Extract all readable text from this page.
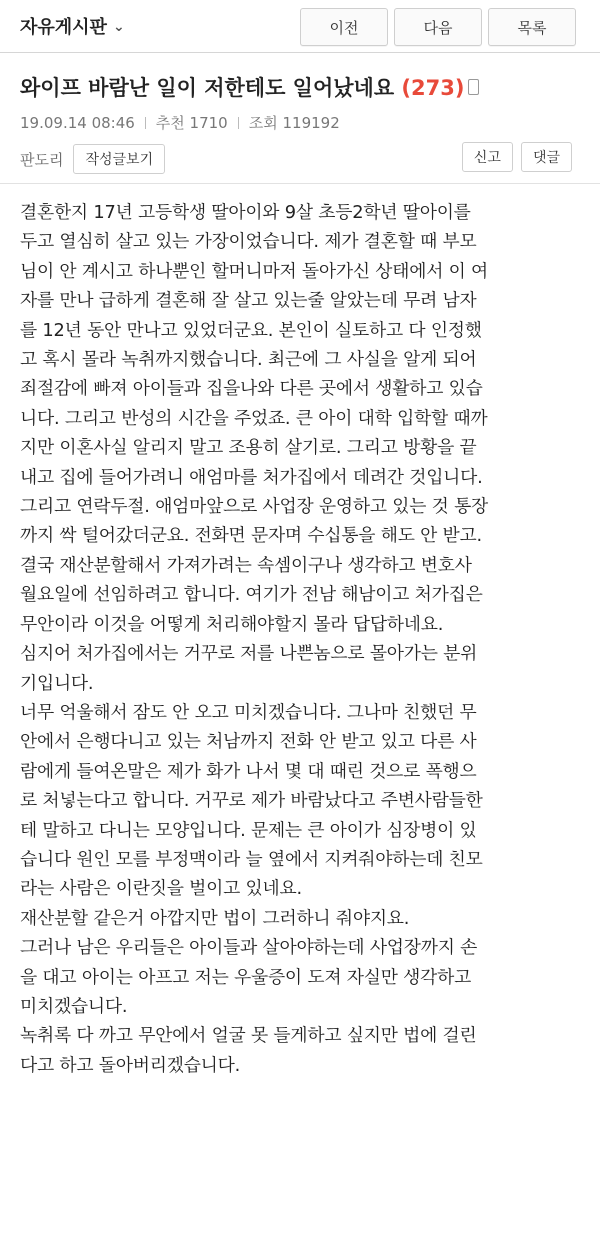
자유게시판 ⌄	이전	다음	목록
와이프 바람난 일이 저한테도 일어났네요 (273)
19.09.14 08:46 추천 1710 조회 119192
판도리	작성글보기	신고	댓글

결혼한지 17년 고등학생 딸아이와 9살 초등2학년 딸아이를

두고 열심히 살고 있는 가장이었습니다. 제가 결혼할 때 부모

님이 안 계시고 하나뿐인 할머니마저 돌아가신 상태에서 이 여

자를 만나 급하게 결혼해 잘 살고 있는줄 알았는데 무려 남자

를 12년 동안 만나고 있었더군요. 본인이 실토하고 다 인정했

고 혹시 몰라 녹취까지했습니다. 최근에 그 사실을 알게 되어

죄절감에 빠져 아이들과 집을나와 다른 곳에서 생활하고 있습

니다. 그리고 반성의 시간을 주었죠. 큰 아이 대학 입학할 때까

지만 이혼사실 알리지 말고 조용히 살기로. 그리고 방황을 끝

내고 집에 들어가려니 애엄마를 처가집에서 데려간 것입니다.

그리고 연락두절. 애엄마앞으로 사업장 운영하고 있는 것 통장

까지 싹 털어갔더군요. 전화면 문자며 수십통을 해도 안 받고.

결국 재산분할해서 가져가려는 속셈이구나 생각하고 변호사

월요일에 선임하려고 합니다. 여기가 전남 해남이고 처가집은

무안이라 이것을 어떻게 처리해야할지 몰라 답답하네요.

심지어 처가집에서는 거꾸로 저를 나쁜놈으로 몰아가는 분위

기입니다.

너무 억울해서 잠도 안 오고 미치겠습니다. 그나마 친했던 무

안에서 은행다니고 있는 처남까지 전화 안 받고 있고 다른 사

람에게 들여온말은 제가 화가 나서 몇 대 때린 것으로 폭행으

로 처넣는다고 합니다. 거꾸로 제가 바람났다고 주변사람들한

테 말하고 다니는 모양입니다. 문제는 큰 아이가 심장병이 있

습니다 원인 모를 부정맥이라 늘 옆에서 지켜줘야하는데 친모

라는 사람은 이란짓을 벌이고 있네요.

재산분할 같은거 아깝지만 법이 그러하니 줘야지요.

그러나 남은 우리들은 아이들과 살아야하는데 사업장까지 손

을 대고 아이는 아프고 저는 우울증이 도져 자실만 생각하고

미치겠습니다.

녹취록 다 까고 무안에서 얼굴 못 들게하고 싶지만 법에 걸린

다고 하고 돌아버리겠습니다.
